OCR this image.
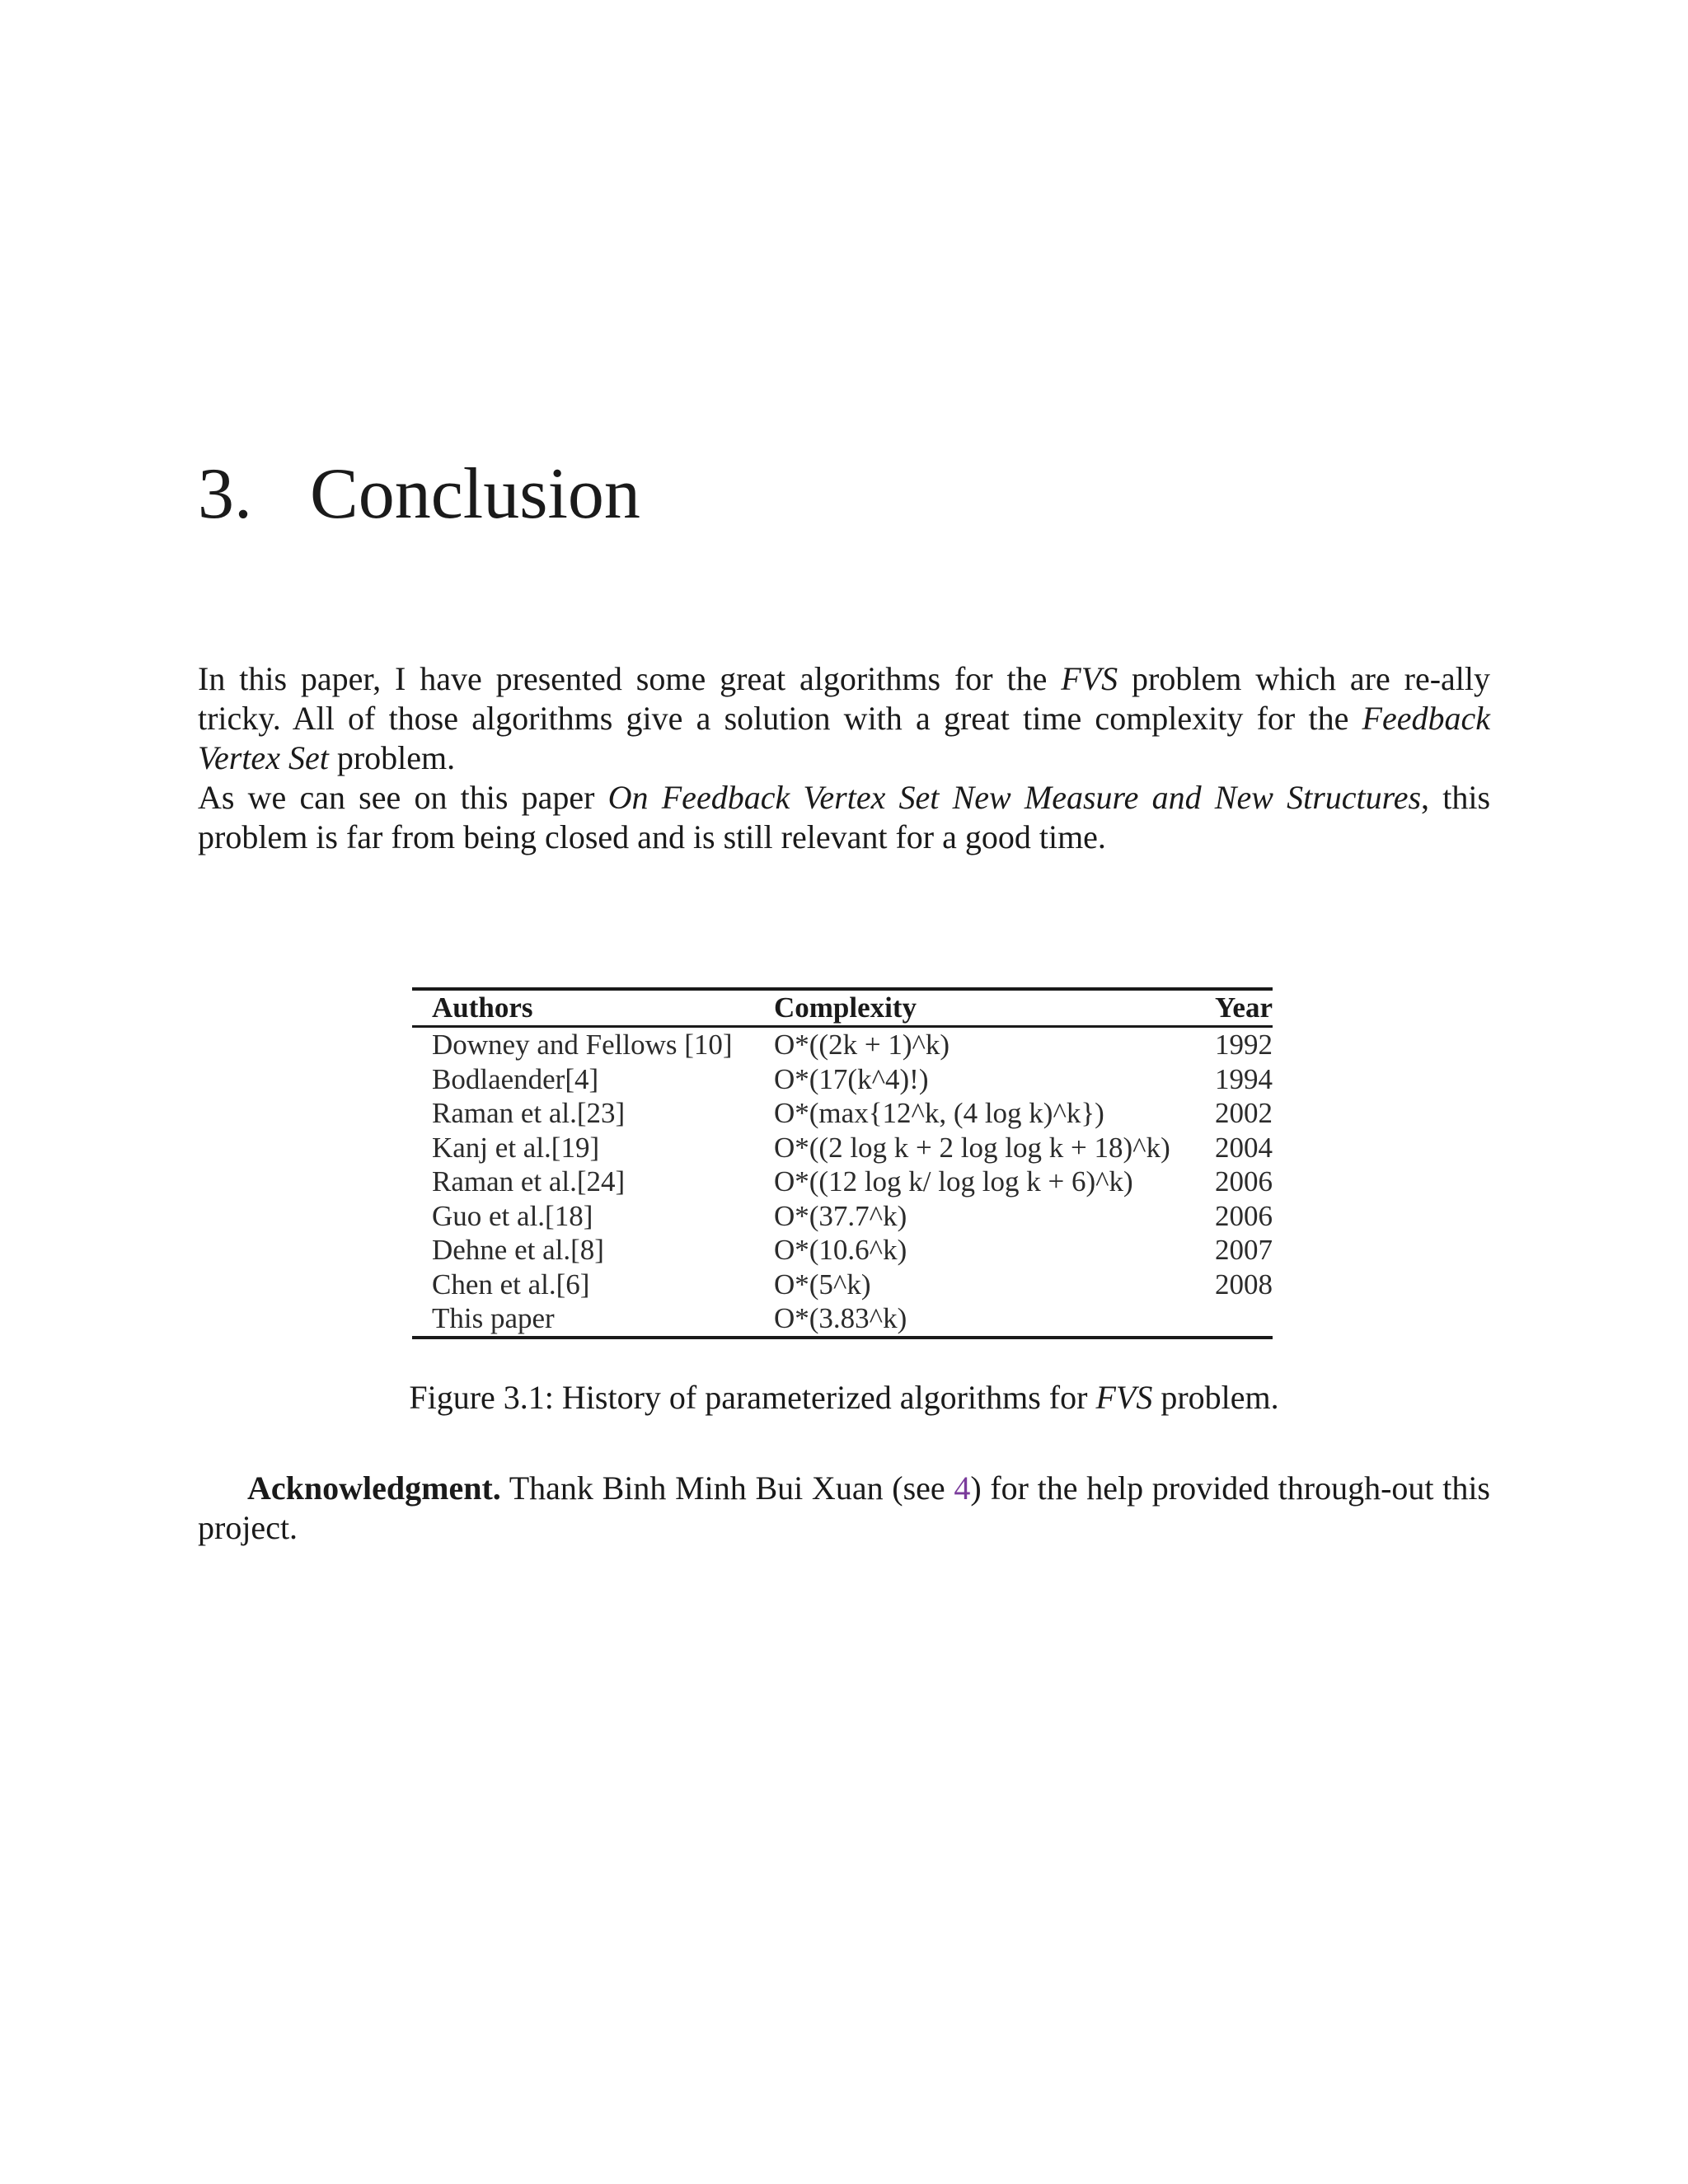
3. Conclusion

In this paper, I have presented some great algorithms for the FVS problem which are re-ally tricky. All of those algorithms give a solution with a great time complexity for the Feedback Vertex Set problem.

As we can see on this paper On Feedback Vertex Set New Measure and New Structures, this problem is far from being closed and is still relevant for a good time.

Authors	Complexity	Year
Downey and Fellows [10]	O*((2k + 1)^k)	1992
Bodlaender[4]	O*(17(k^4)!)	1994
Raman et al.[23]	O*(max{12^k, (4 log k)^k})	2002
Kanj et al.[19]	O*((2 log k + 2 log log k + 18)^k)	2004
Raman et al.[24]	O*((12 log k/ log log k + 6)^k)	2006
Guo et al.[18]	O*(37.7^k)	2006
Dehne et al.[8]	O*(10.6^k)	2007
Chen et al.[6]	O*(5^k)	2008
This paper	O*(3.83^k)

Figure 3.1: History of parameterized algorithms for FVS problem.

Acknowledgment. Thank Binh Minh Bui Xuan (see 4) for the help provided through-out this project.
